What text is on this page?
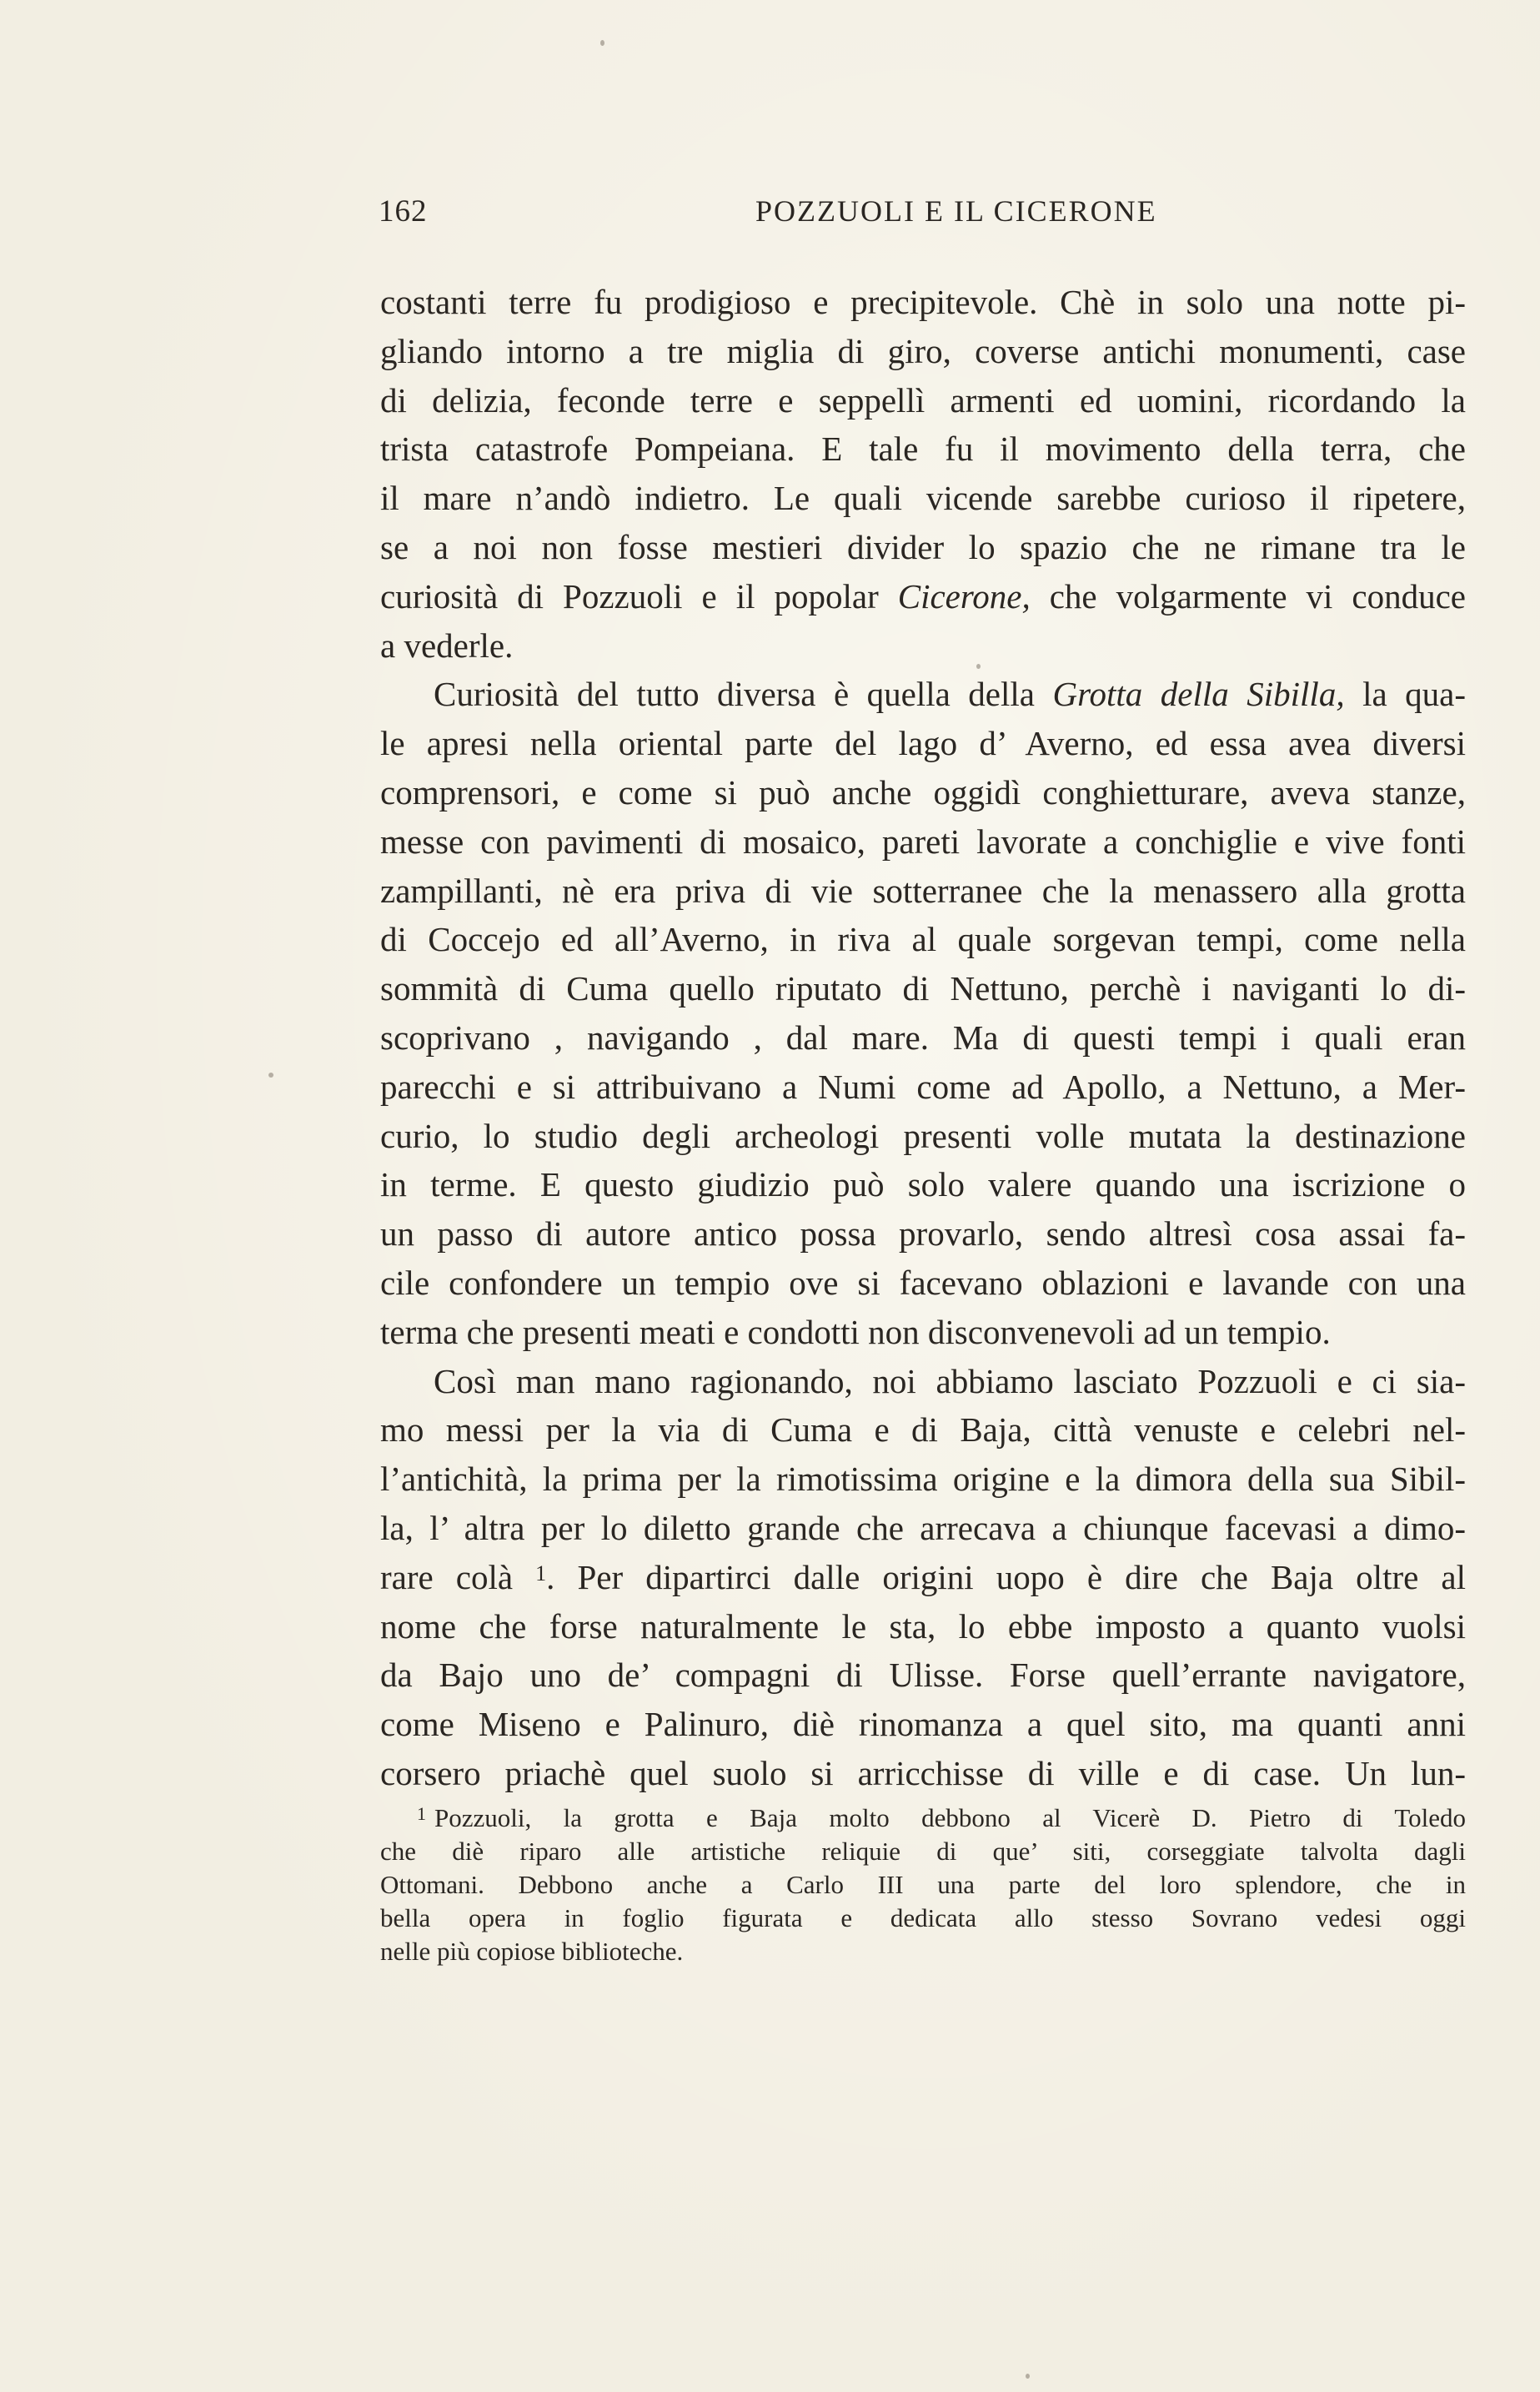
162	POZZUOLI E IL CICERONE
costanti terre fu prodigioso e precipitevole. Chè in solo una notte pi-
gliando intorno a tre miglia di giro, coverse antichi monumenti, case
di delizia, feconde terre e seppellì armenti ed uomini, ricordando la
trista catastrofe Pompeiana. E tale fu il movimento della terra, che
il mare n’andò indietro. Le quali vicende sarebbe curioso il ripetere,
se a noi non fosse mestieri divider lo spazio che ne rimane tra le
curiosità di Pozzuoli e il popolar Cicerone, che volgarmente vi conduce
a vederle.
Curiosità del tutto diversa è quella della Grotta della Sibilla, la qua-
le apresi nella oriental parte del lago d’ Averno, ed essa avea diversi
comprensori, e come si può anche oggidì conghietturare, aveva stanze,
messe con pavimenti di mosaico, pareti lavorate a conchiglie e vive fonti
zampillanti, nè era priva di vie sotterranee che la menassero alla grotta
di Coccejo ed all’Averno, in riva al quale sorgevan tempi, come nella
sommità di Cuma quello riputato di Nettuno, perchè i naviganti lo di-
scoprivano , navigando , dal mare. Ma di questi tempi i quali eran
parecchi e si attribuivano a Numi come ad Apollo, a Nettuno, a Mer-
curio, lo studio degli archeologi presenti volle mutata la destinazione
in terme. E questo giudizio può solo valere quando una iscrizione o
un passo di autore antico possa provarlo, sendo altresì cosa assai fa-
cile confondere un tempio ove si facevano oblazioni e lavande con una
terma che presenti meati e condotti non disconvenevoli ad un tempio.
Così man mano ragionando, noi abbiamo lasciato Pozzuoli e ci sia-
mo messi per la via di Cuma e di Baja, città venuste e celebri nel-
l’antichità, la prima per la rimotissima origine e la dimora della sua Sibil-
la, l’ altra per lo diletto grande che arrecava a chiunque facevasi a dimo-
rare colà $^1$. Per dipartirci dalle origini uopo è dire che Baja oltre al
nome che forse naturalmente le sta, lo ebbe imposto a quanto vuolsi
da Bajo uno de’ compagni di Ulisse. Forse quell’errante navigatore,
come Miseno e Palinuro, diè rinomanza a quel sito, ma quanti anni
corsero priachè quel suolo si arricchisse di ville e di case. Un lun-
$^1$ Pozzuoli, la grotta e Baja molto debbono al Vicerè D. Pietro di Toledo
che diè riparo alle artistiche reliquie di que’ siti, corseggiate talvolta dagli
Ottomani. Debbono anche a Carlo III una parte del loro splendore, che in
bella opera in foglio figurata e dedicata allo stesso Sovrano vedesi oggi
nelle più copiose biblioteche.
